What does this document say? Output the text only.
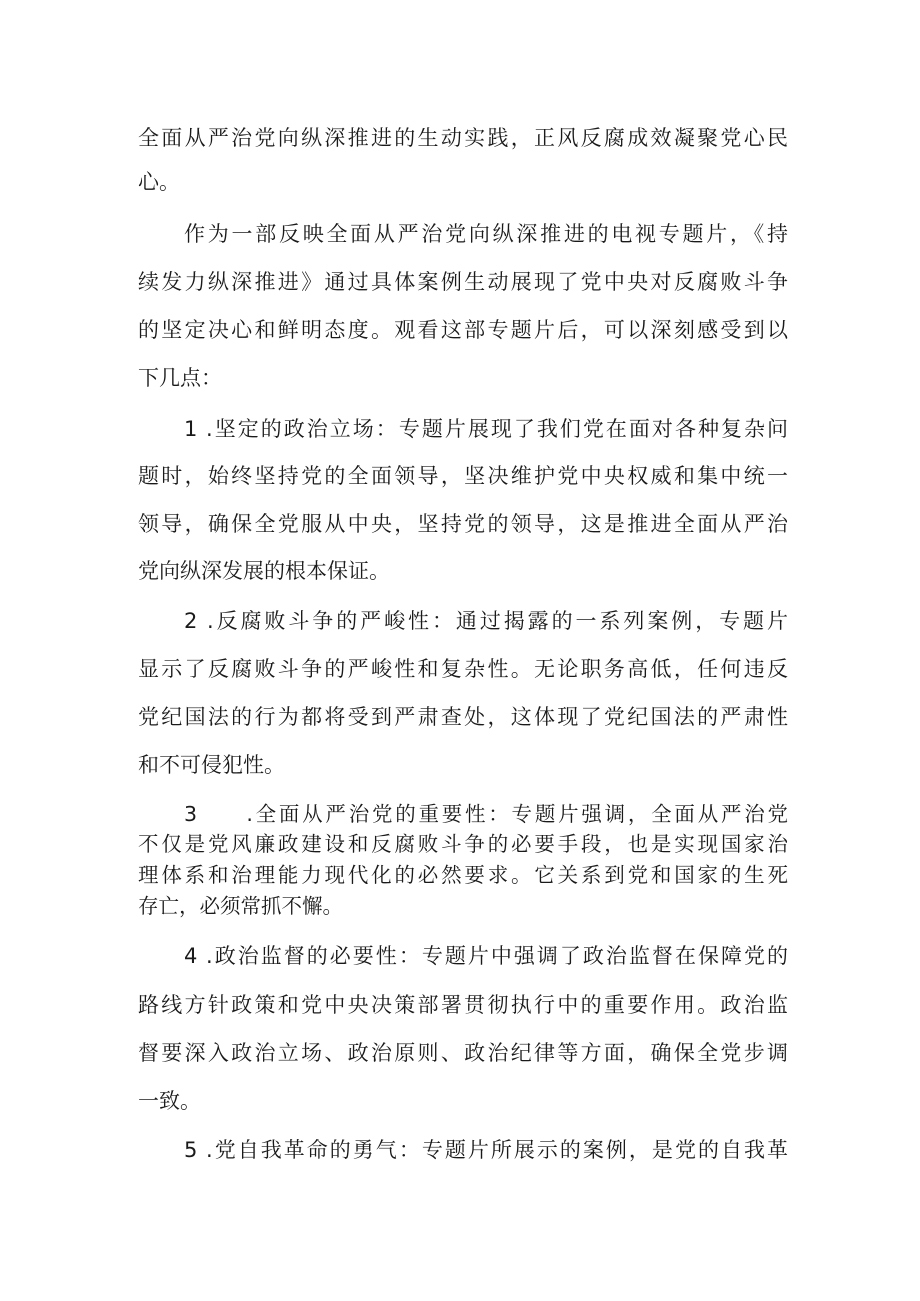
全面从严治党向纵深推进的生动实践，正风反腐成效凝聚党心民
心。
作为一部反映全面从严治党向纵深推进的电视专题片，《持
续发力纵深推进》通过具体案例生动展现了党中央对反腐败斗争
的坚定决心和鲜明态度。观看这部专题片后，可以深刻感受到以
下几点：
1 .坚定的政治立场：专题片展现了我们党在面对各种复杂问
题时，始终坚持党的全面领导，坚决维护党中央权威和集中统一
领导，确保全党服从中央，坚持党的领导，这是推进全面从严治
党向纵深发展的根本保证。
2 .反腐败斗争的严峻性：通过揭露的一系列案例，专题片
显示了反腐败斗争的严峻性和复杂性。无论职务高低，任何违反
党纪国法的行为都将受到严肃查处，这体现了党纪国法的严肃性
和不可侵犯性。
3　　.全面从严治党的重要性：专题片强调，全面从严治党
不仅是党风廉政建设和反腐败斗争的必要手段，也是实现国家治
理体系和治理能力现代化的必然要求。它关系到党和国家的生死
存亡，必须常抓不懈。
4 .政治监督的必要性：专题片中强调了政治监督在保障党的
路线方针政策和党中央决策部署贯彻执行中的重要作用。政治监
督要深入政治立场、政治原则、政治纪律等方面，确保全党步调
一致。
5 .党自我革命的勇气：专题片所展示的案例，是党的自我革
